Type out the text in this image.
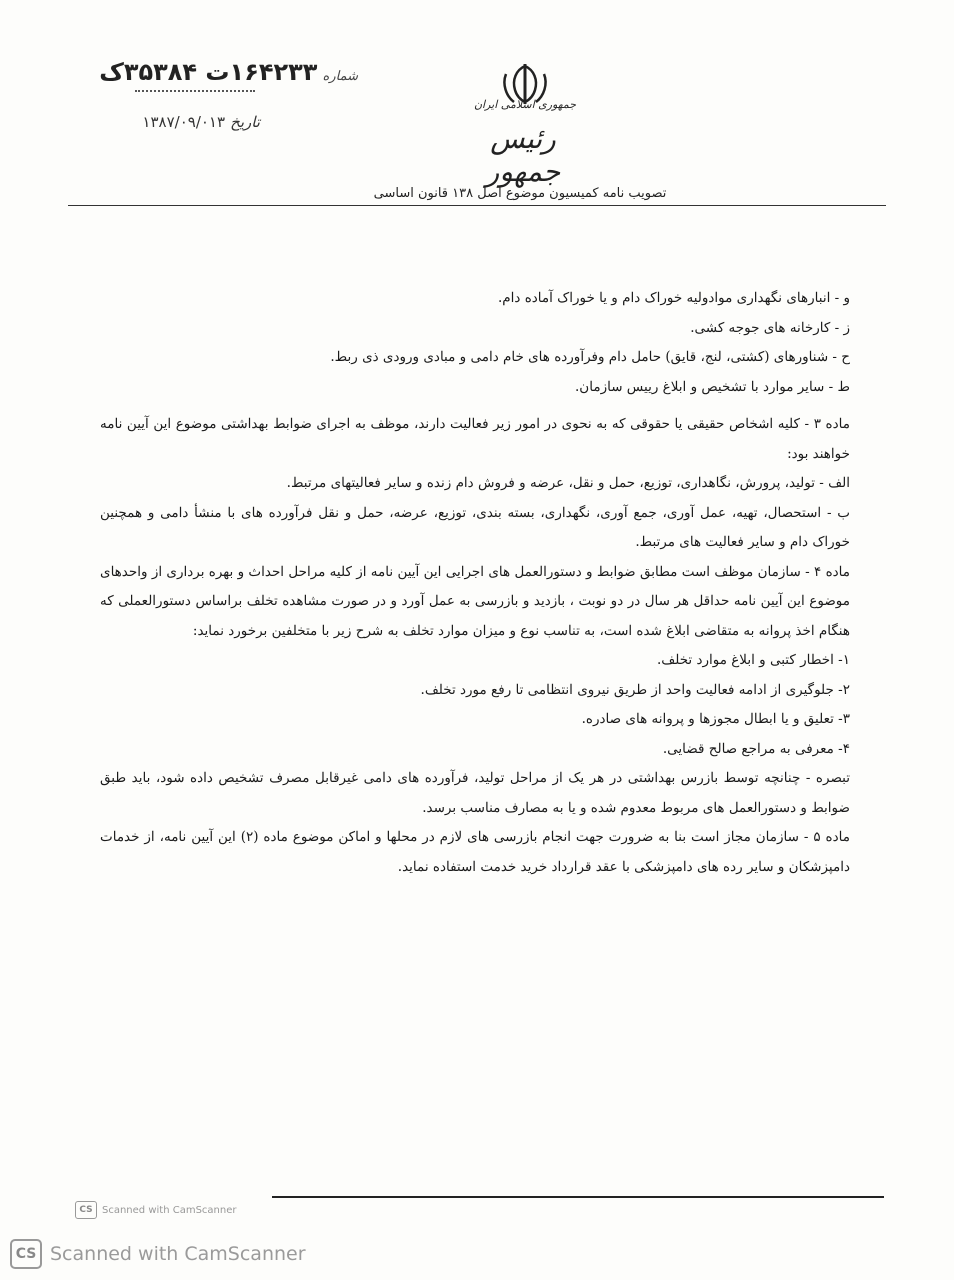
جمهوری اسلامی ایران
رئیس جمهور
شماره ۱۶۴۲۳۳ت ۳۵۳۸۴ک
تاریخ ۱۳۸۷/۰۹/۰۱۳
تصویب نامه کمیسیون موضوع اصل ۱۳۸ قانون اساسی

و - انبارهای نگهداری موادولیه خوراک دام و یا خوراک آماده دام.

ز - کارخانه های جوجه کشی.

ح - شناورهای (کشتی، لنج، قایق) حامل دام وفرآورده های خام دامی و مبادی ورودی ذی ربط.

ط - سایر موارد با تشخیص و ابلاغ رییس سازمان.

ماده ۳ - کلیه اشخاص حقیقی یا حقوقی که به نحوی در امور زیر فعالیت دارند، موظف به اجرای ضوابط بهداشتی موضوع این آیین نامه خواهند بود:

الف - تولید، پرورش، نگاهداری، توزیع، حمل و نقل، عرضه و فروش دام زنده و سایر فعالیتهای مرتبط.

ب - استحصال، تهیه، عمل آوری، جمع آوری، نگهداری، بسته بندی، توزیع، عرضه، حمل و نقل فرآورده های با منشأ دامی و همچنین خوراک دام و سایر فعالیت های مرتبط.

ماده ۴ - سازمان موظف است مطابق ضوابط و دستورالعمل های اجرایی این آیین نامه از کلیه مراحل احداث و بهره برداری از واحدهای موضوع این آیین نامه حداقل هر سال در دو نوبت ، بازدید و بازرسی به عمل آورد و در صورت مشاهده تخلف براساس دستورالعملی که هنگام اخذ پروانه به متقاضی ابلاغ شده است، به تناسب نوع و میزان موارد تخلف به شرح زیر با متخلفین برخورد نماید:

۱- اخطار کتبی و ابلاغ موارد تخلف.

۲- جلوگیری از ادامه فعالیت واحد از طریق نیروی انتظامی تا رفع مورد تخلف.

۳- تعلیق و یا ابطال مجوزها و پروانه های صادره.

۴- معرفی به مراجع صالح قضایی.

تبصره - چنانچه توسط بازرس بهداشتی در هر یک از مراحل تولید، فرآورده های دامی غیرقابل مصرف تشخیص داده شود، باید طبق ضوابط و دستورالعمل های مربوط معدوم شده و یا به مصارف مناسب برسد.

ماده ۵ - سازمان مجاز است بنا به ضرورت جهت انجام بازرسی های لازم در محلها و اماکن موضوع ماده (۲) این آیین نامه، از خدمات دامپزشکان و سایر رده های دامپزشکی با عقد قرارداد خرید خدمت استفاده نماید.

CS Scanned with CamScanner
CS Scanned with CamScanner
